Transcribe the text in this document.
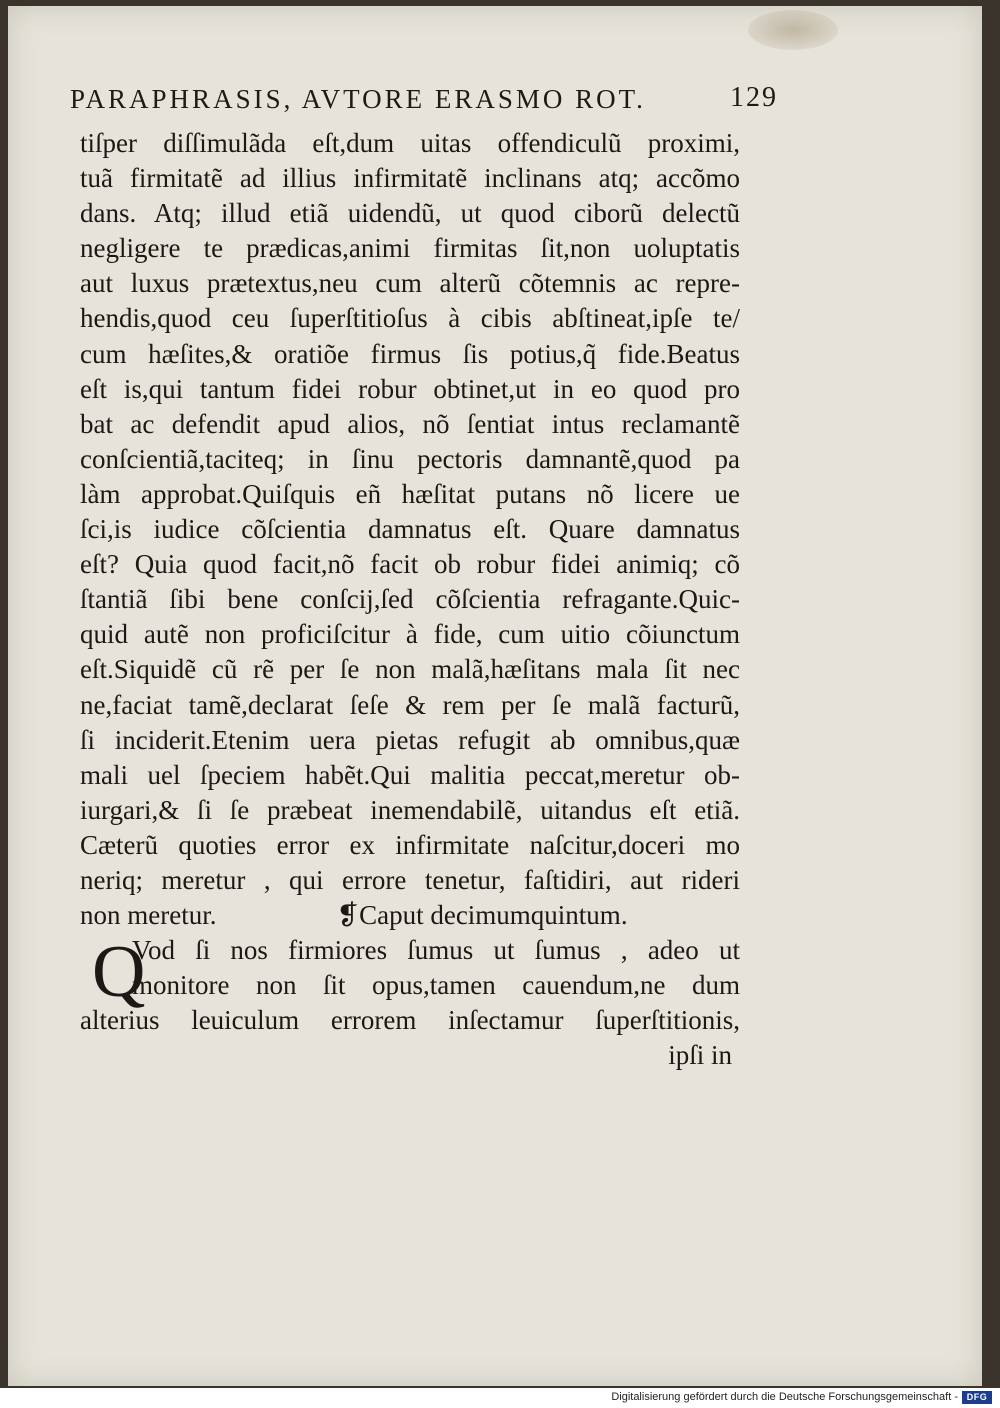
PARAPHRASIS, AVTORE ERASMO ROT.	129
tiſper diſſimulãda eſt,dum uitas offendiculũ proximi,
tuã firmitatẽ ad illius infirmitatẽ inclinans atq; accõmo
dans. Atq; illud etiã uidendũ, ut quod ciborũ delectũ
negligere te prædicas,animi firmitas ſit,non uoluptatis
aut luxus prætextus,neu cum alterũ cõtemnis ac repre-
hendis,quod ceu ſuperſtitioſus à cibis abſtineat,ipſe te/
cum hæſites,& oratiõe firmus ſis potius,q̃ fide.Beatus
eſt is,qui tantum fidei robur obtinet,ut in eo quod pro
bat ac defendit apud alios, nõ ſentiat intus reclamantẽ
conſcientiã,taciteq; in ſinu pectoris damnantẽ,quod pa
làm approbat.Quiſquis eñ hæſitat putans nõ licere ue
ſci,is iudice cõſcientia damnatus eſt. Quare damnatus
eſt? Quia quod facit,nõ facit ob robur fidei animiq; cõ
ſtantiã ſibi bene conſcij,ſed cõſcientia refragante.Quic-
quid autẽ non proficiſcitur à fide, cum uitio cõiunctum
eſt.Siquidẽ cũ rẽ per ſe non malã,hæſitans mala ſit nec
ne,faciat tamẽ,declarat ſeſe & rem per ſe malã facturũ,
ſi inciderit.Etenim uera pietas refugit ab omnibus,quæ
mali uel ſpeciem habẽt.Qui malitia peccat,meretur ob-
iurgari,& ſi ſe præbeat inemendabilẽ, uitandus eſt etiã.
Cæterũ quoties error ex infirmitate naſcitur,doceri mo
neriq; meretur , qui errore tenetur, faſtidiri, aut rideri
non meretur.	❡Caput decimumquintum.
Q
Vod ſi nos firmiores ſumus ut ſumus , adeo ut
monitore non ſit opus,tamen cauendum,ne dum
alterius leuiculum errorem inſectamur ſuperſtitionis,
ipſi in
Digitalisierung gefördert durch die Deutsche Forschungsgemeinschaft - DFG
